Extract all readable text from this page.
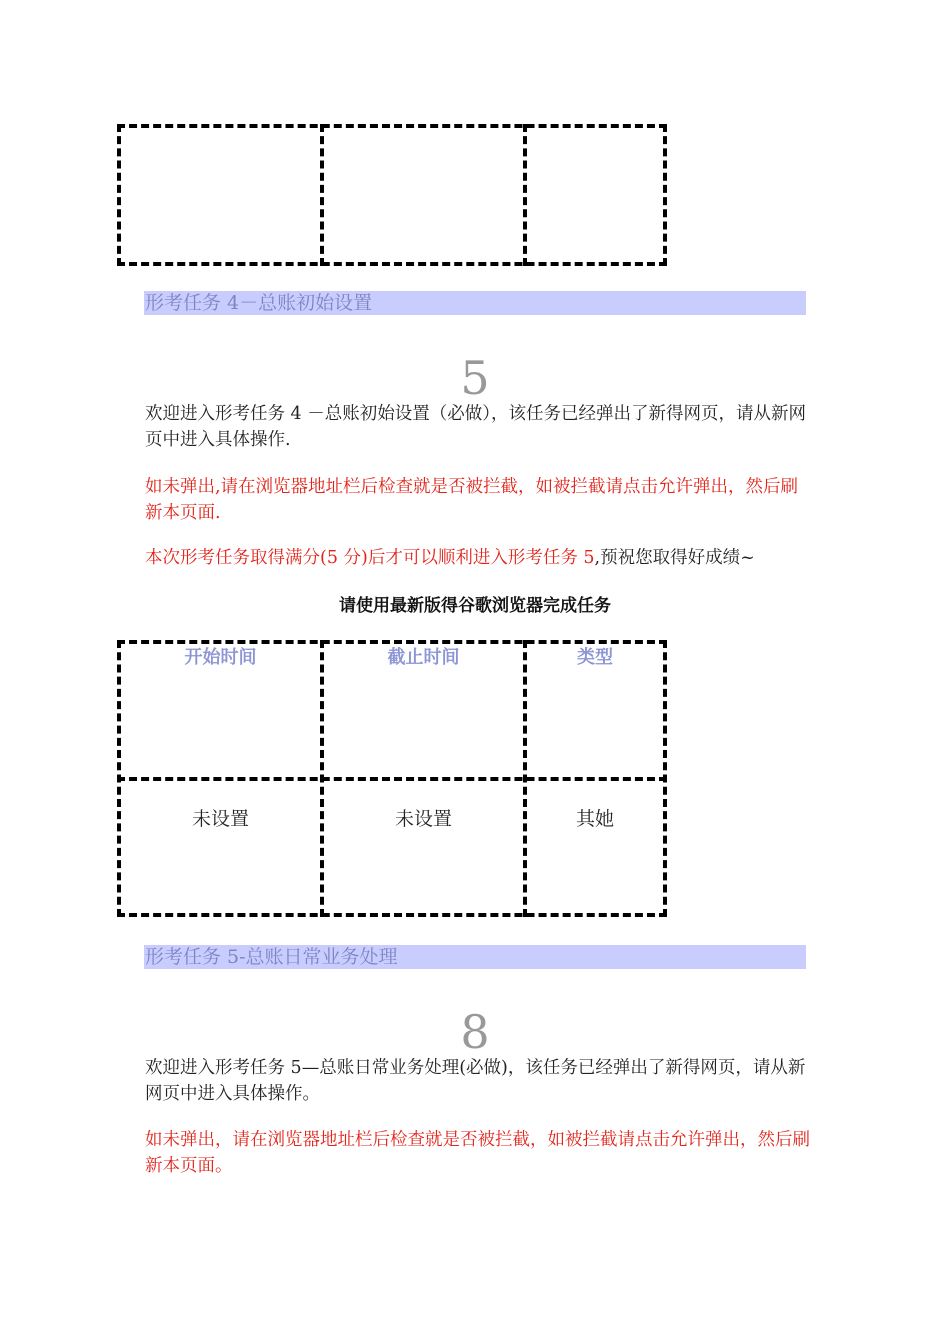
形考任务 4－总账初始设置
5

欢迎进入形考任务 4 －总账初始设置（必做），该任务已经弹出了新得网页，请从新网页中进入具体操作.

如未弹出,请在浏览器地址栏后检查就是否被拦截，如被拦截请点击允许弹出，然后刷新本页面.

本次形考任务取得满分(5 分)后才可以顺利进入形考任务 5,预祝您取得好成绩~

请使用最新版得谷歌浏览器完成任务
开始时间	截止时间	类型
未设置	未设置	其她
形考任务 5-总账日常业务处理
8

欢迎进入形考任务 5—总账日常业务处理(必做)，该任务已经弹出了新得网页，请从新网页中进入具体操作。

如未弹出，请在浏览器地址栏后检查就是否被拦截，如被拦截请点击允许弹出，然后刷新本页面。
